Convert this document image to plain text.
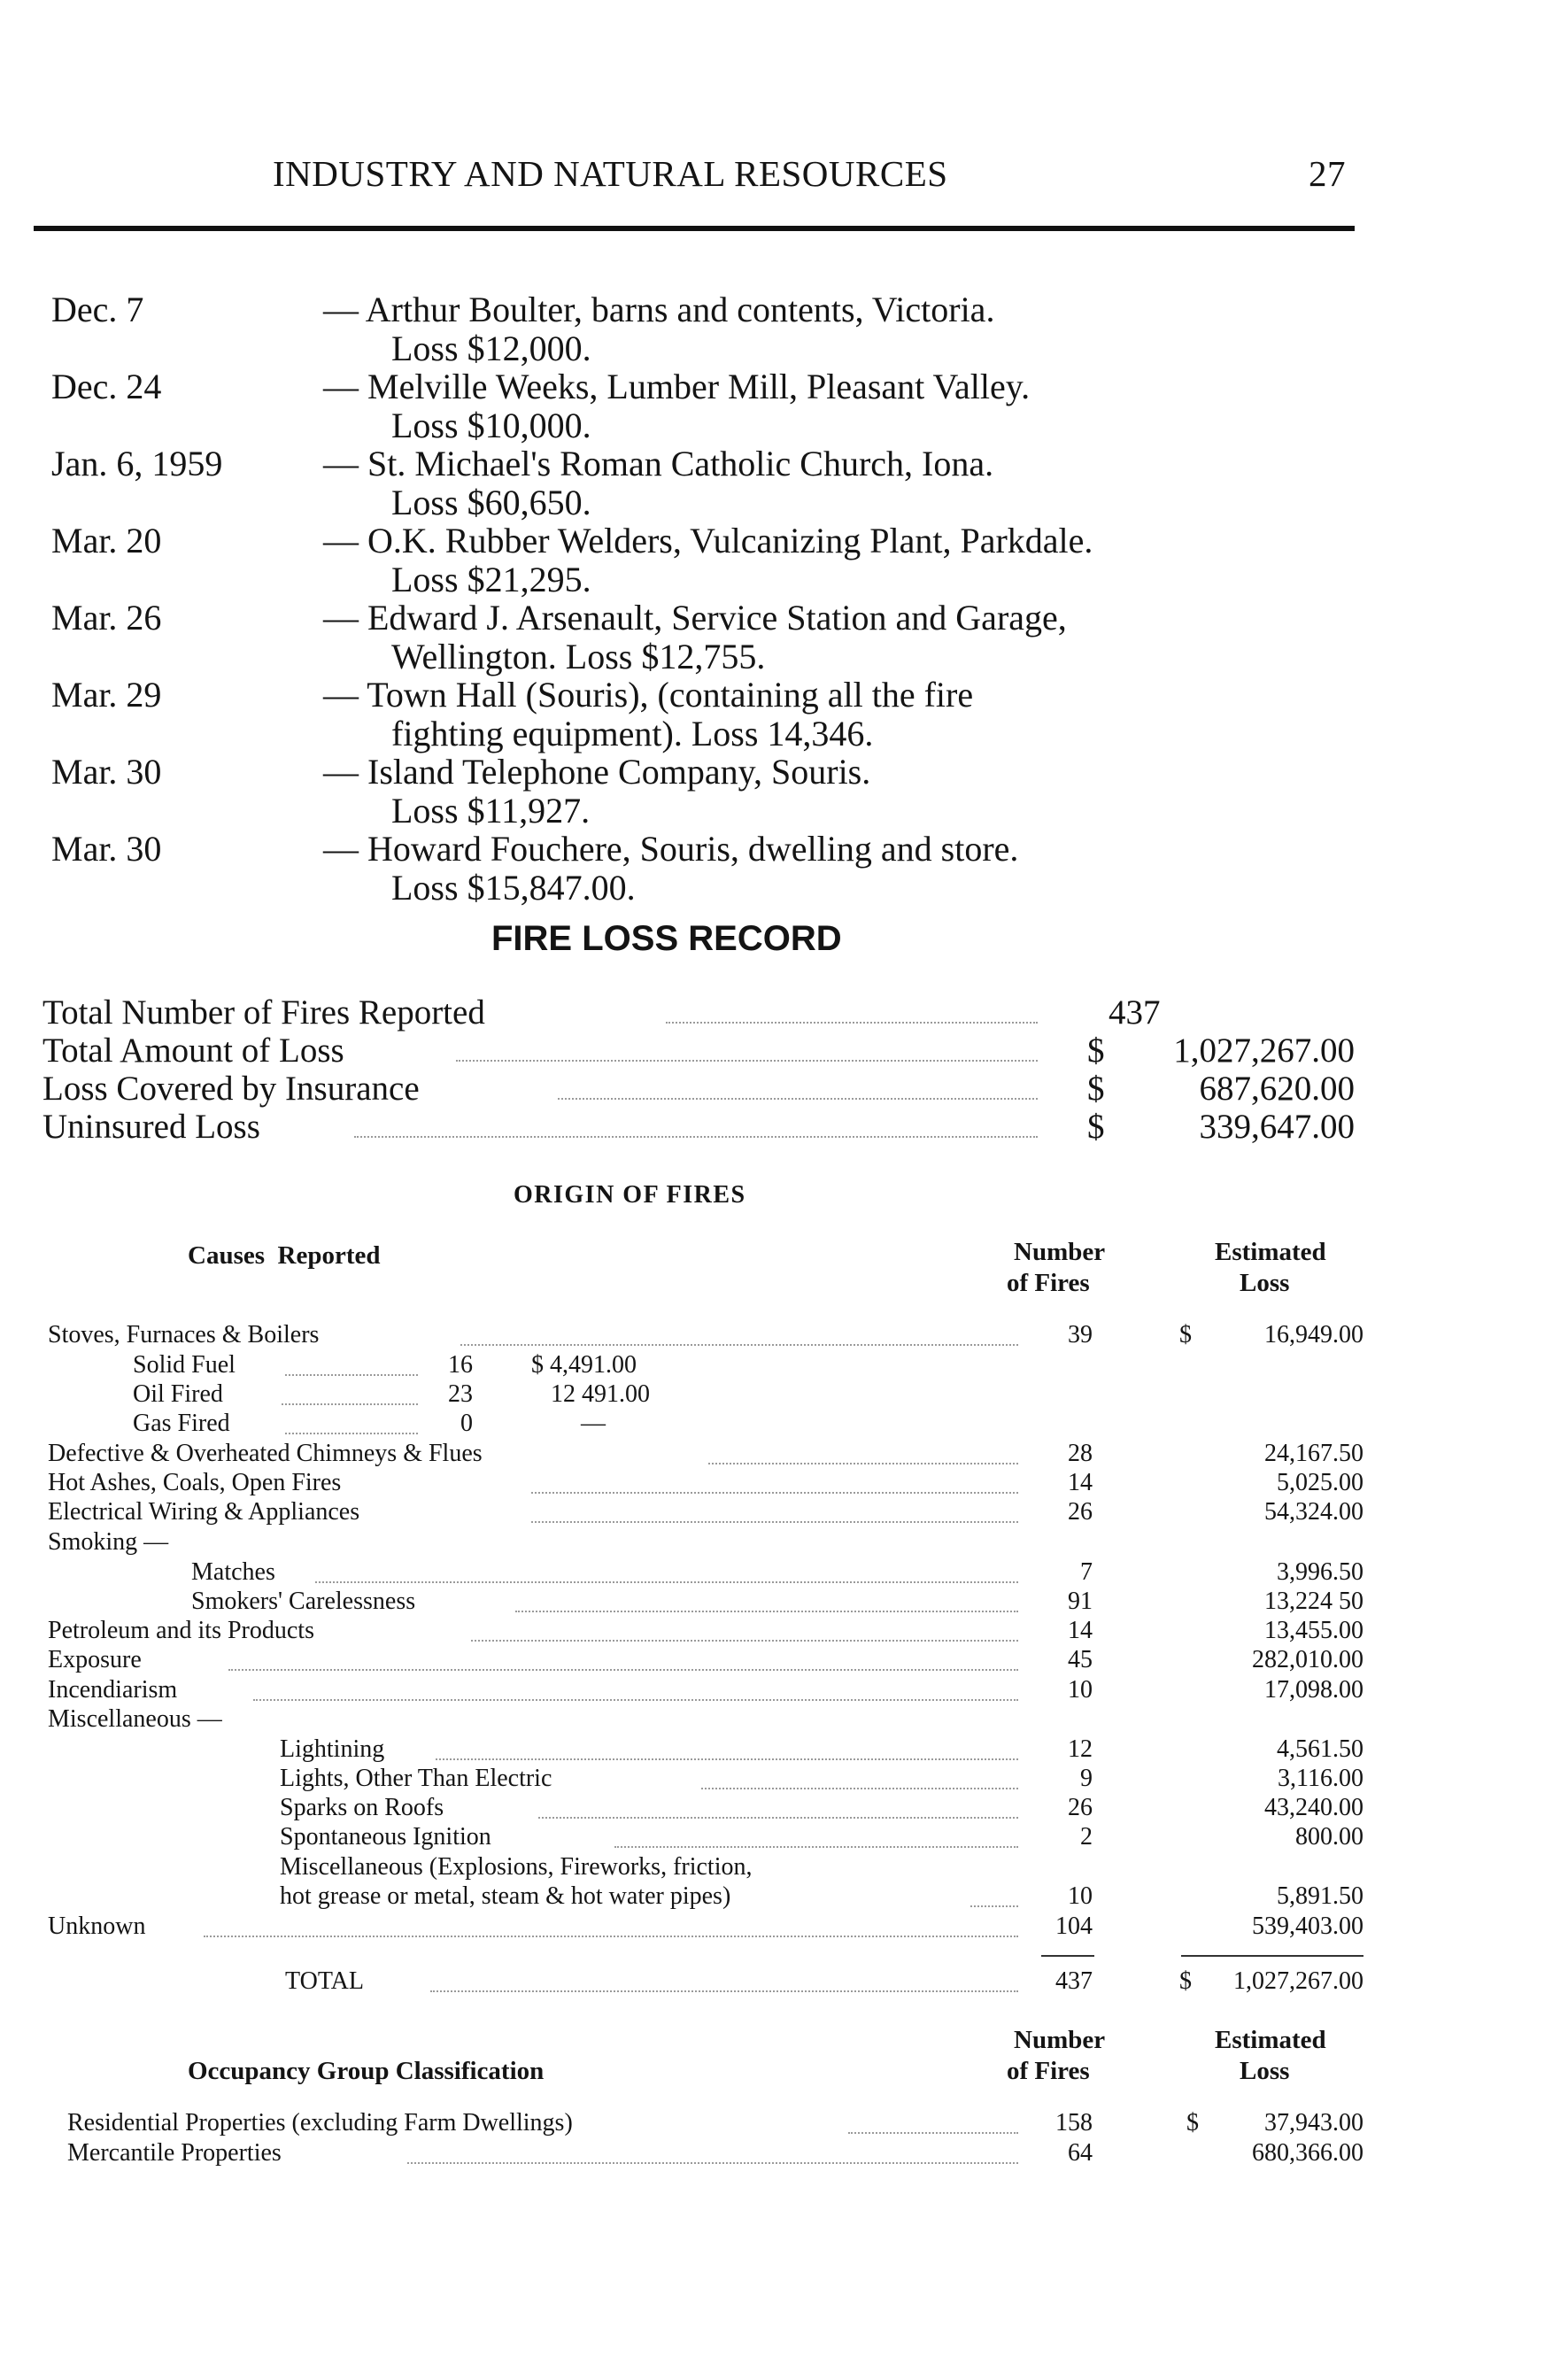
INDUSTRY AND NATURAL RESOURCES	27
Dec. 7	— Arthur Boulter, barns and contents, Victoria.
Loss $12,000.
Dec. 24	— Melville Weeks, Lumber Mill, Pleasant Valley.
Loss $10,000.
Jan. 6, 1959	— St. Michael's Roman Catholic Church, Iona.
Loss $60,650.
Mar. 20	— O.K. Rubber Welders, Vulcanizing Plant, Parkdale.
Loss $21,295.
Mar. 26	— Edward J. Arsenault, Service Station and Garage,
Wellington. Loss $12,755.
Mar. 29	— Town Hall (Souris), (containing all the fire
fighting equipment). Loss 14,346.
Mar. 30	— Island Telephone Company, Souris.
Loss $11,927.
Mar. 30	— Howard Fouchere, Souris, dwelling and store.
Loss $15,847.00.
FIRE LOSS RECORD
Total Number of Fires Reported	437
Total Amount of Loss	$	1,027,267.00
Loss Covered by Insurance	$	687,620.00
Uninsured Loss	$	339,647.00
ORIGIN OF FIRES
Causes  Reported	Number
of Fires
Estimated
Loss
Stoves, Furnaces & Boilers	39	$	16,949.00
Solid Fuel	16 $ 4,491.00
Oil Fired	23	12 491.00
Gas Fired	0	—
Defective & Overheated Chimneys & Flues	28	24,167.50
Hot Ashes, Coals, Open Fires	14	5,025.00
Electrical Wiring & Appliances	26	54,324.00
Smoking —
Matches	7	3,996.50
Smokers' Carelessness	91	13,224 50
Petroleum and its Products	14	13,455.00
Exposure	45	282,010.00
Incendiarism	10	17,098.00
Miscellaneous —
Lightining	12	4,561.50
Lights, Other Than Electric	9	3,116.00
Sparks on Roofs	26	43,240.00
Spontaneous Ignition	2	800.00
Miscellaneous (Explosions, Fireworks, friction,
hot grease or metal, steam & hot water pipes)	10	5,891.50
Unknown	104	539,403.00
TOTAL	437	$	1,027,267.00
Number	Estimated
Occupancy Group Classification	of Fires	Loss
Residential Properties (excluding Farm Dwellings)	158	$	37,943.00
Mercantile Properties	64	680,366.00
